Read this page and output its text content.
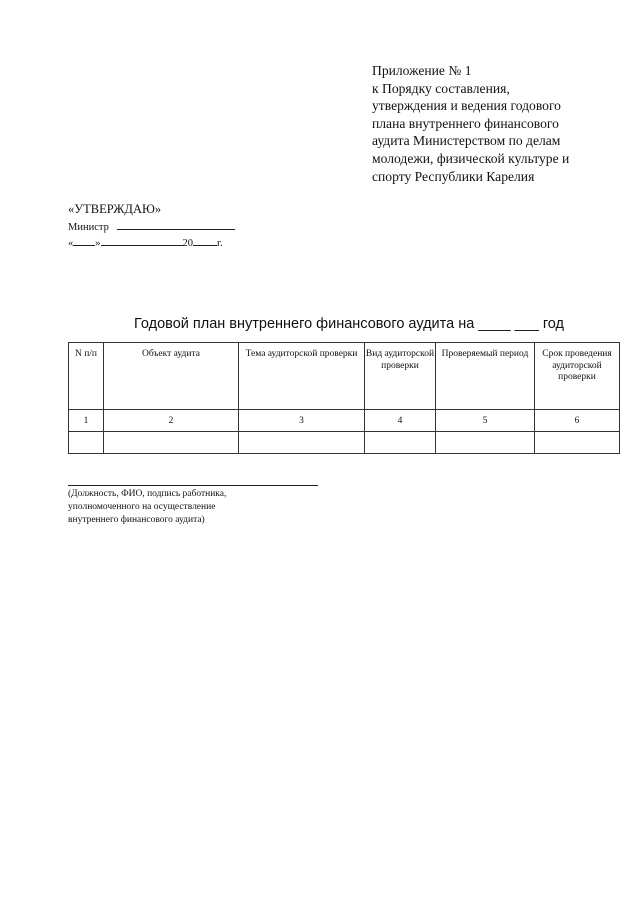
Приложение № 1
к Порядку составления,
утверждения и ведения годового
плана внутреннего финансового
аудита Министерством по делам
молодежи, физической культуре и
спорту Республики Карелия
«УТВЕРЖДАЮ»
Министр
« »	20 г.
Годовой план внутреннего финансового аудита на ____ ___ год
N п/п	Объект аудита	Тема аудиторской проверки	Вид аудиторской проверки	Проверяемый период	Срок проведения аудиторской проверки
1	2	3	4	5	6

(Должность, ФИО, подпись работника,
уполномоченного на осуществление
внутреннего финансового аудита)
